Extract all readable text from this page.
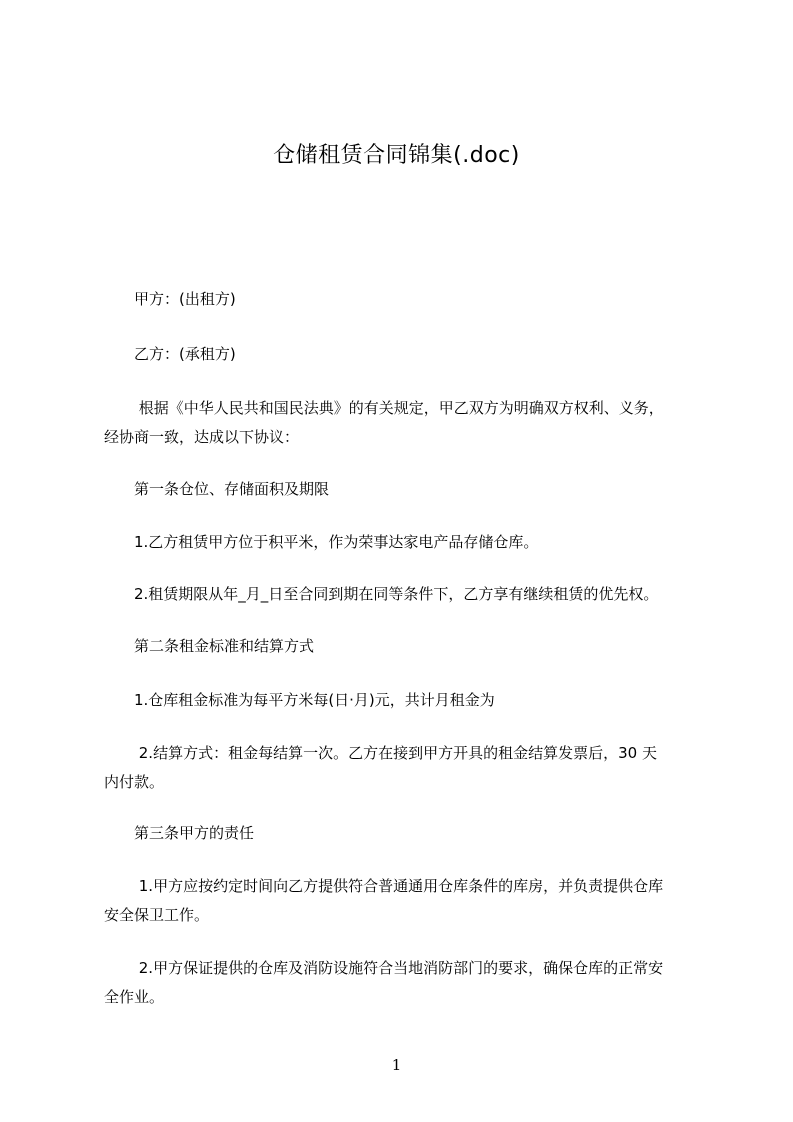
仓储租赁合同锦集(.doc)
　　甲方：(出租方)
　　乙方：(承租方)
　　 根据《中华人民共和国民法典》的有关规定，甲乙双方为明确双方权利、义务，
经协商一致，达成以下协议：
　　第一条仓位、存储面积及期限
　　1.乙方租赁甲方位于积平米，作为荣事达家电产品存储仓库。
　　2.租赁期限从年_月_日至合同到期在同等条件下，乙方享有继续租赁的优先权。
　　第二条租金标准和结算方式
　　1.仓库租金标准为每平方米每(日·月)元，共计月租金为
　　 2.结算方式：租金每结算一次。乙方在接到甲方开具的租金结算发票后，30 天
内付款。
　　第三条甲方的责任
　　 1.甲方应按约定时间向乙方提供符合普通通用仓库条件的库房，并负责提供仓库
安全保卫工作。
　　 2.甲方保证提供的仓库及消防设施符合当地消防部门的要求，确保仓库的正常安
全作业。
1
